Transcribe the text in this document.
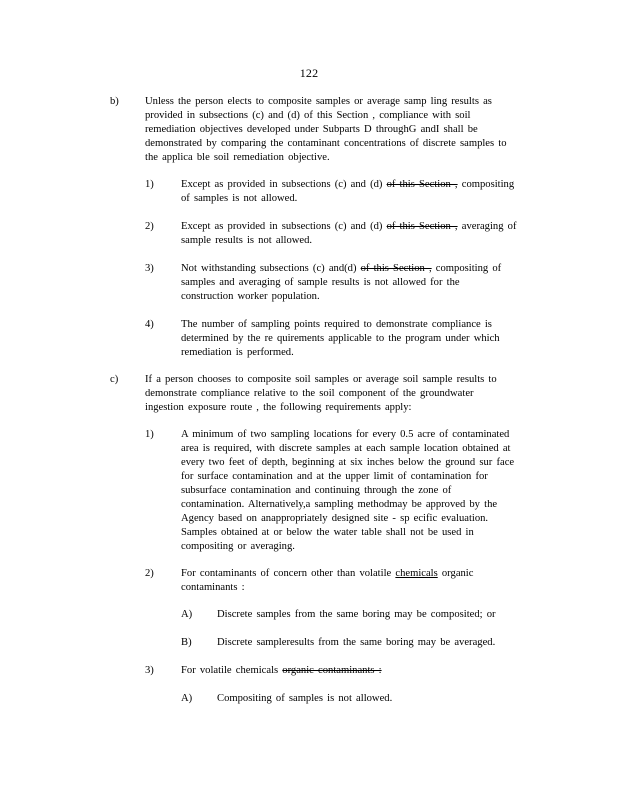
122
b) Unless the person elects to composite samples or average samp ling results as
provided in subsections (c) and (d) of this Section , compliance with soil
remediation objectives developed under Subparts D throughG andI shall be
demonstrated by comparing the contaminant concentrations of discrete samples to
the applica ble soil remediation objective.
1)	Except as provided in subsections (c) and (d) of this Section , compositing
of samples is not allowed.
2)	Except as provided in subsections (c) and (d) of this Section , averaging of
sample results is not allowed.
3)	Not withstanding subsections (c) and(d) of this Section , compositing of
samples and averaging of sample results is not allowed for the
construction worker population.
4)	The number of sampling points required to demonstrate compliance is
determined by the re quirements applicable to the program under which
remediation is performed.
c)	If a person chooses to composite soil samples or average soil sample results to
demonstrate compliance relative to the soil component of the groundwater
ingestion exposure route , the following requirements apply:
1)	A minimum of two sampling locations for every 0.5 acre of contaminated
area is required, with discrete samples at each sample location obtained at
every two feet of depth, beginning at six inches below the ground sur face
for surface contamination and at the upper limit of contamination for
subsurface contamination and continuing through the zone of
contamination. Alternatively,a sampling methodmay be approved by the
Agency based on anappropriately designed site - sp ecific evaluation.
Samples obtained at or below the water table shall not be used in
compositing or averaging.
2)	For contaminants of concern other than volatile chemicals organic
contaminants :
A) Discrete samples from the same boring may be composited; or
B) Discrete sampleresults from the same boring may be averaged.
3)	For volatile chemicals organic contaminants :
A) Compositing of samples is not allowed.
